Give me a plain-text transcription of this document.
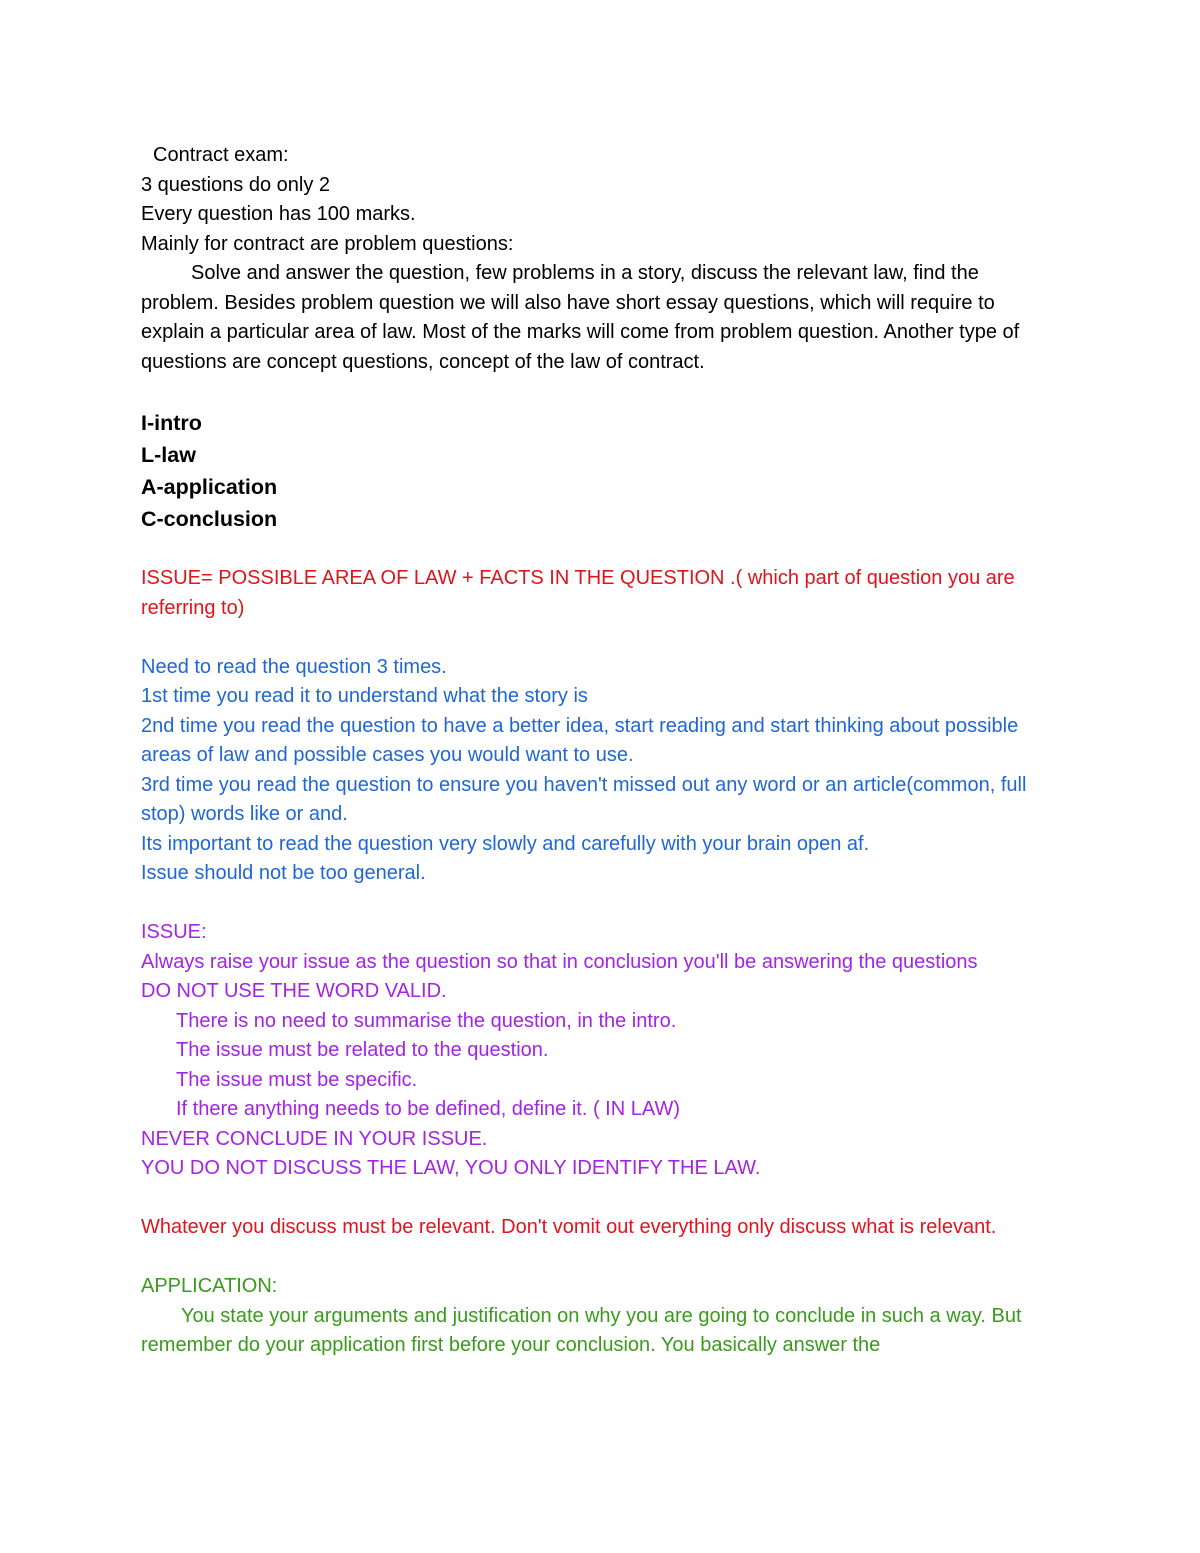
Contract exam:

3 questions do only 2

Every question has 100 marks.

Mainly for contract are problem questions:

Solve and answer the question, few problems in a story, discuss the relevant law, find the problem. Besides problem question we will also have short essay questions, which will require to explain a particular area of law. Most of the marks will come from problem question. Another type of questions are concept questions, concept of the law of contract.

I-intro

L-law

A-application

C-conclusion

ISSUE= POSSIBLE AREA OF LAW + FACTS IN THE QUESTION .( which part of question you are referring to)

Need to read the question 3 times.

1st time you read it to understand what the story is

2nd time you read the question to have a better idea, start reading and start thinking about possible areas of law and possible cases you would want to use.

3rd time you read the question to ensure you haven't missed out any word or an article(common, full stop) words like or and.

Its important to read the question very slowly and carefully with your brain open af.

Issue should not be too general.

ISSUE:

Always raise your issue as the question so that in conclusion you'll be answering the questions

DO NOT USE THE WORD VALID.

There is no need to summarise the question, in the intro.

The issue must be related to the question.

The issue must be specific.

If there anything needs to be defined, define it. ( IN LAW)

NEVER CONCLUDE IN YOUR ISSUE.

YOU DO NOT DISCUSS THE LAW, YOU ONLY IDENTIFY THE LAW.

Whatever you discuss must be relevant. Don't vomit out everything only discuss what is relevant.

APPLICATION:

You state your arguments and justification on why you are going to conclude in such a way. But remember do your application first before your conclusion. You basically answer the
